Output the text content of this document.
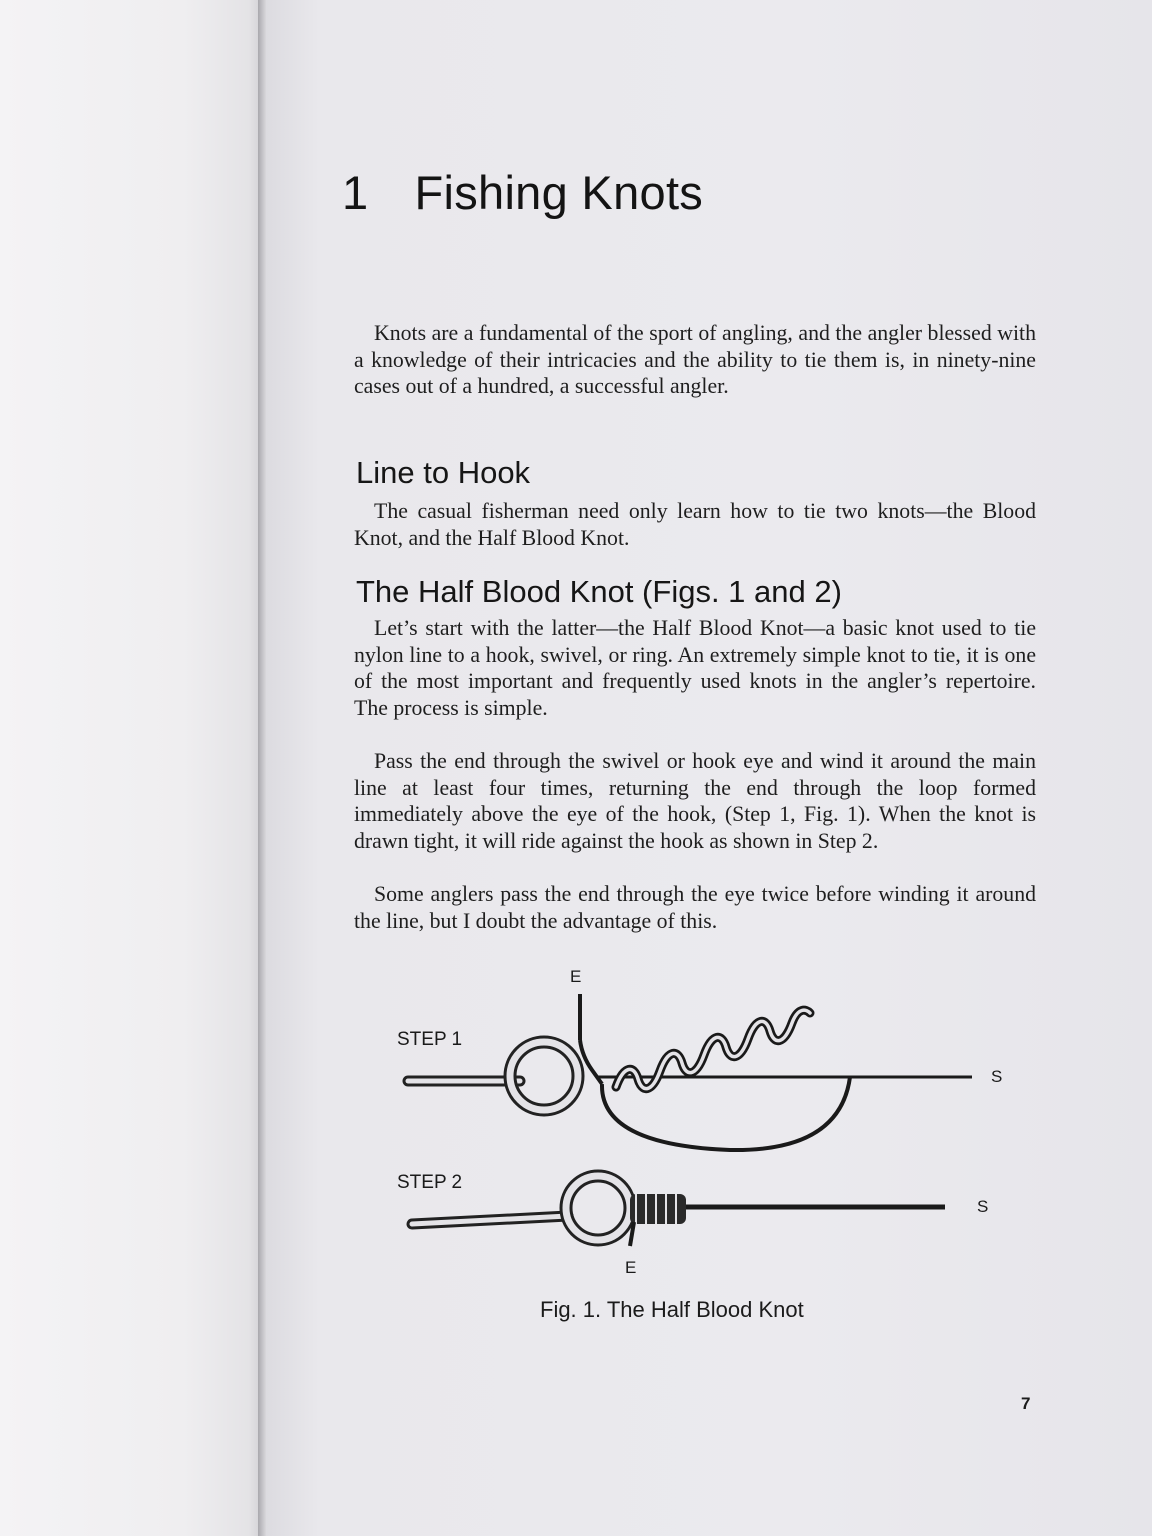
1 Fishing Knots

Knots are a fundamental of the sport of angling, and the angler blessed with a knowledge of their intricacies and the ability to tie them is, in ninety-nine cases out of a hundred, a successful angler.

Line to Hook

The casual fisherman need only learn how to tie two knots—the Blood Knot, and the Half Blood Knot.

The Half Blood Knot (Figs. 1 and 2)

Let’s start with the latter—the Half Blood Knot—a basic knot used to tie nylon line to a hook, swivel, or ring. An extremely simple knot to tie, it is one of the most important and frequently used knots in the angler’s repertoire. The process is simple.

Pass the end through the swivel or hook eye and wind it around the main line at least four times, returning the end through the loop formed immediately above the eye of the hook, (Step 1, Fig. 1). When the knot is drawn tight, it will ride against the hook as shown in Step 2.

Some anglers pass the end through the eye twice before winding it around the line, but I doubt the advantage of this.

STEP 1
E
S
STEP 2
S
E
Fig. 1. The Half Blood Knot
7
